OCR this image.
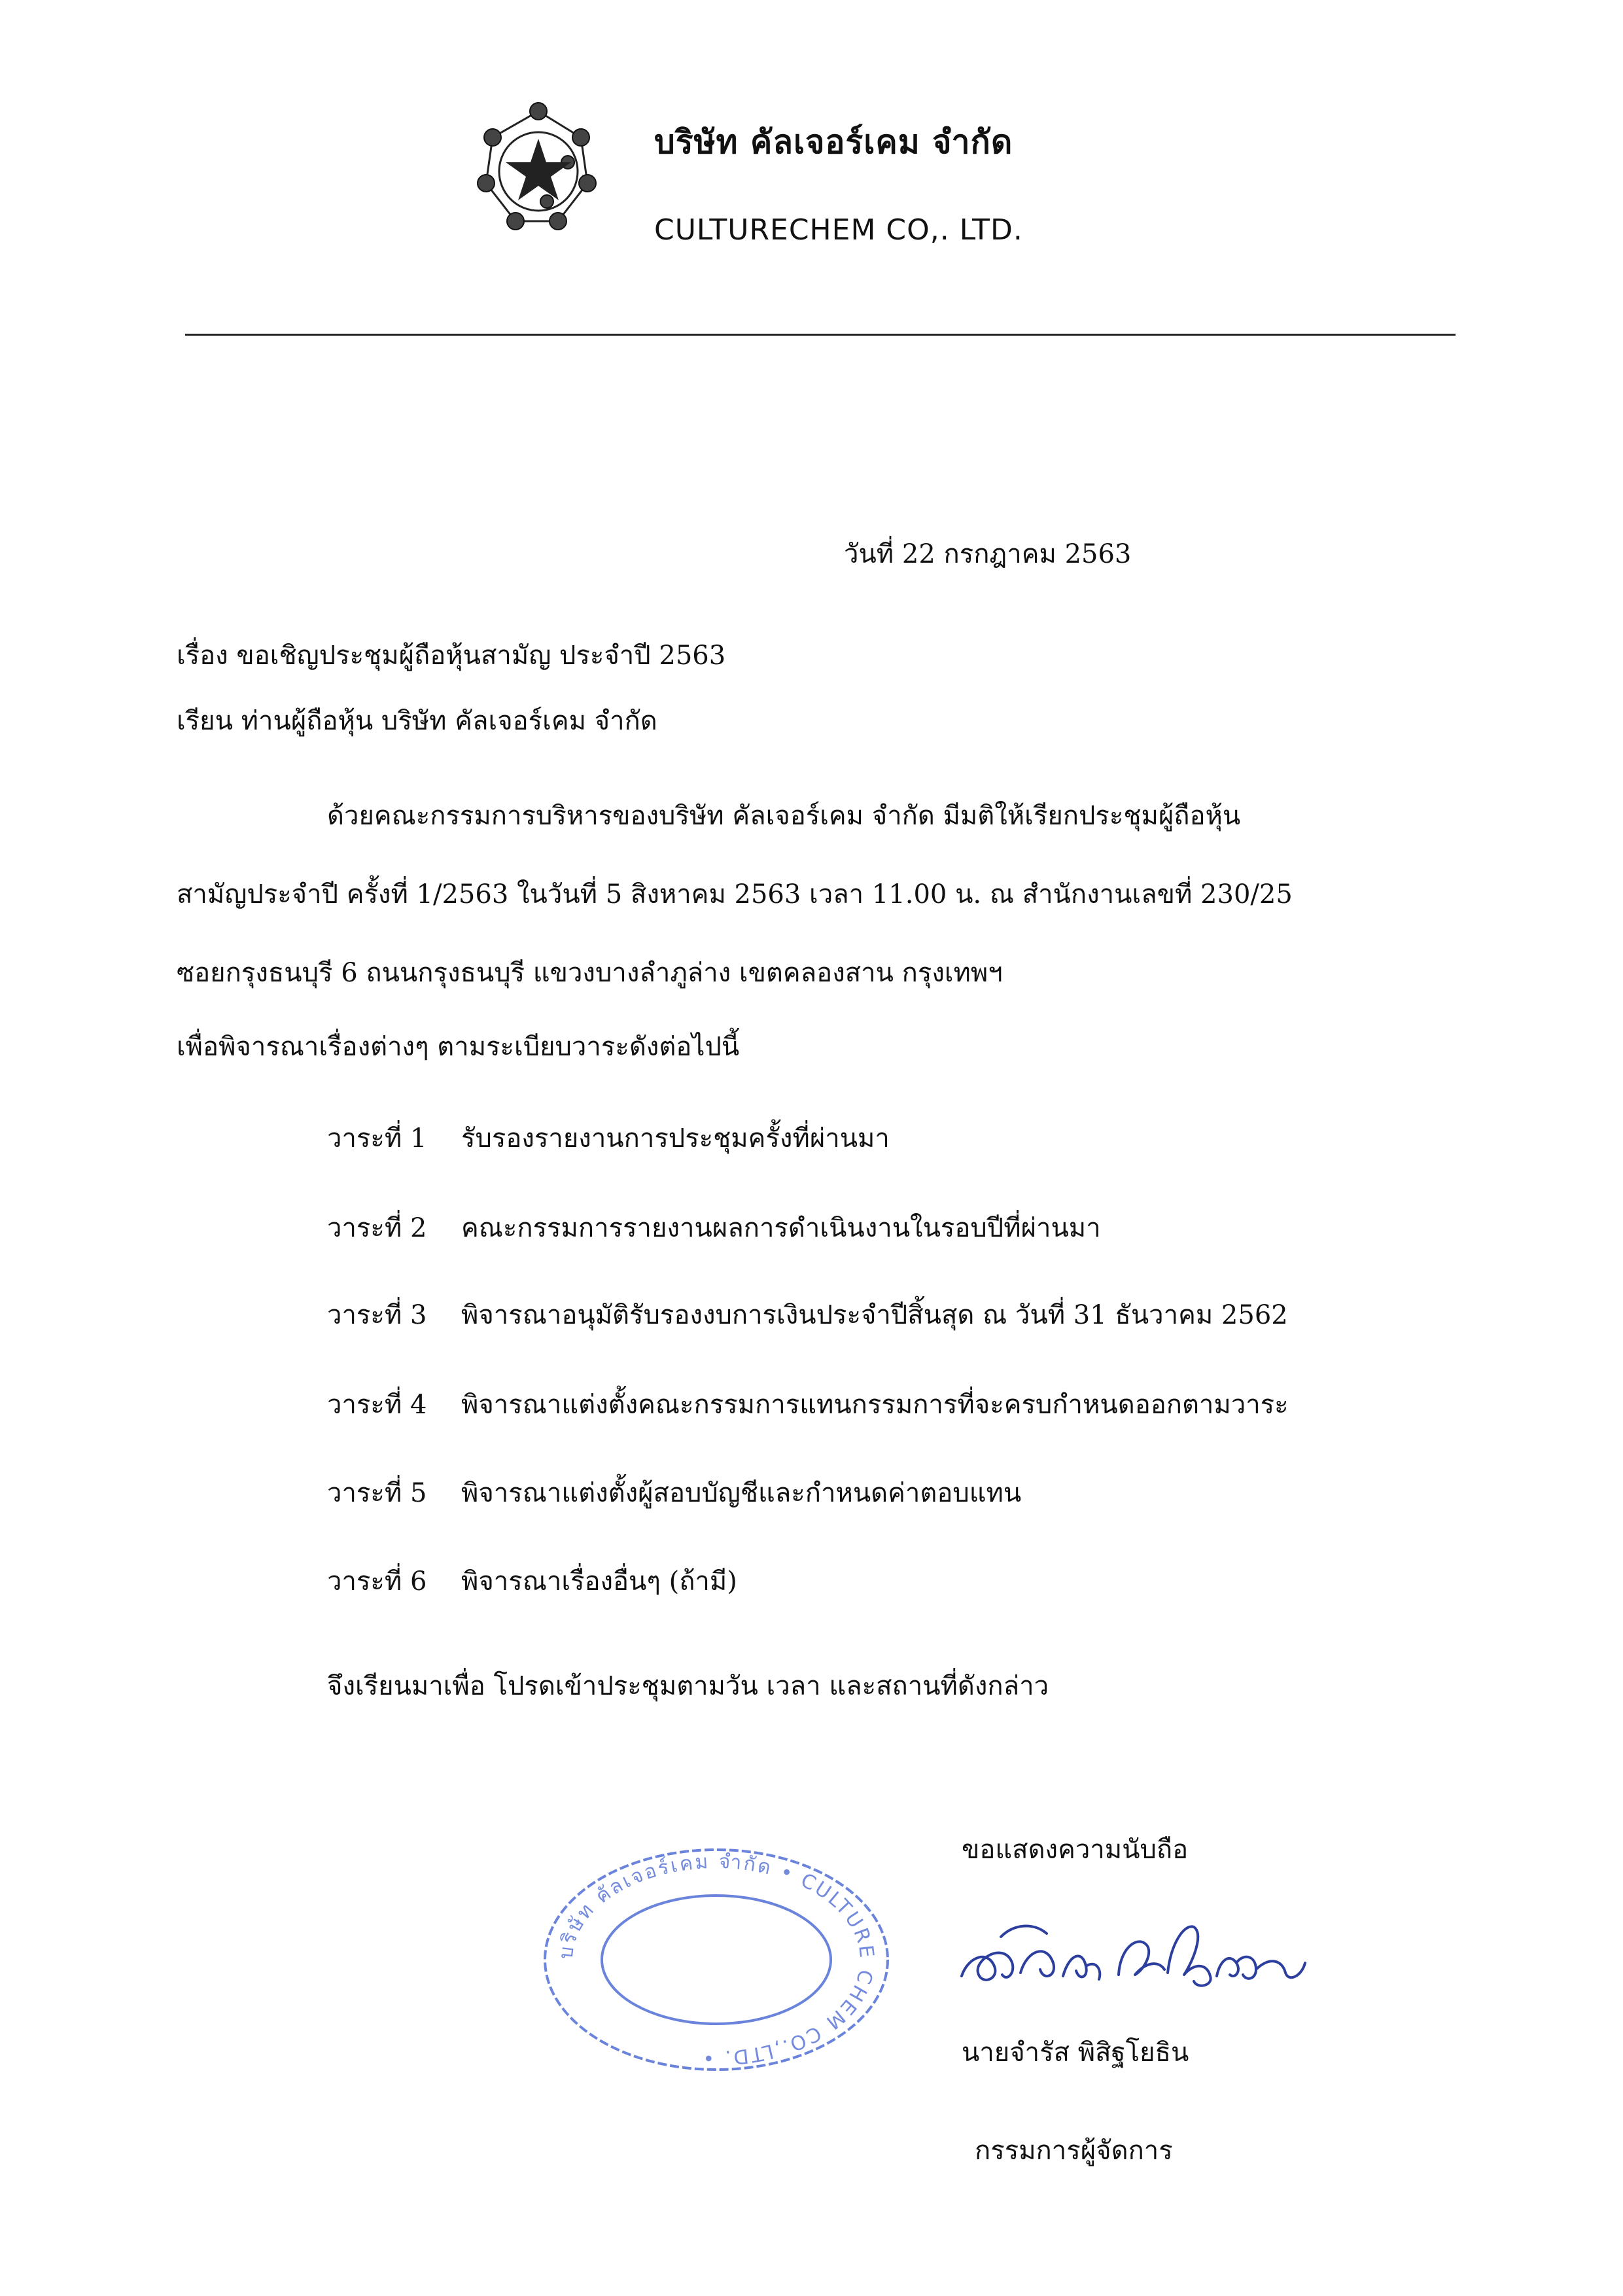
บริษัท คัลเจอร์เคม จำกัด
CULTURECHEM CO,. LTD.
วันที่ 22 กรกฎาคม 2563
เรื่อง ขอเชิญประชุมผู้ถือหุ้นสามัญ ประจำปี 2563
เรียน ท่านผู้ถือหุ้น บริษัท คัลเจอร์เคม จำกัด
ด้วยคณะกรรมการบริหารของบริษัท คัลเจอร์เคม จำกัด มีมติให้เรียกประชุมผู้ถือหุ้น
สามัญประจำปี ครั้งที่ 1/2563 ในวันที่ 5 สิงหาคม 2563 เวลา 11.00 น. ณ สำนักงานเลขที่ 230/25
ซอยกรุงธนบุรี 6 ถนนกรุงธนบุรี แขวงบางลำภูล่าง เขตคลองสาน กรุงเทพฯ
เพื่อพิจารณาเรื่องต่างๆ ตามระเบียบวาระดังต่อไปนี้
วาระที่ 1 รับรองรายงานการประชุมครั้งที่ผ่านมา
วาระที่ 2 คณะกรรมการรายงานผลการดำเนินงานในรอบปีที่ผ่านมา
วาระที่ 3 พิจารณาอนุมัติรับรองงบการเงินประจำปีสิ้นสุด ณ วันที่ 31 ธันวาคม 2562
วาระที่ 4 พิจารณาแต่งตั้งคณะกรรมการแทนกรรมการที่จะครบกำหนดออกตามวาระ
วาระที่ 5 พิจารณาแต่งตั้งผู้สอบบัญชีและกำหนดค่าตอบแทน
วาระที่ 6 พิจารณาเรื่องอื่นๆ (ถ้ามี)
จึงเรียนมาเพื่อ โปรดเข้าประชุมตามวัน เวลา และสถานที่ดังกล่าว
บริษัท คัลเจอร์เคม จำกัด • CULTURE CHEM CO.,LTD. •
ขอแสดงความนับถือ
นายจำรัส พิสิฐโยธิน
กรรมการผู้จัดการ
